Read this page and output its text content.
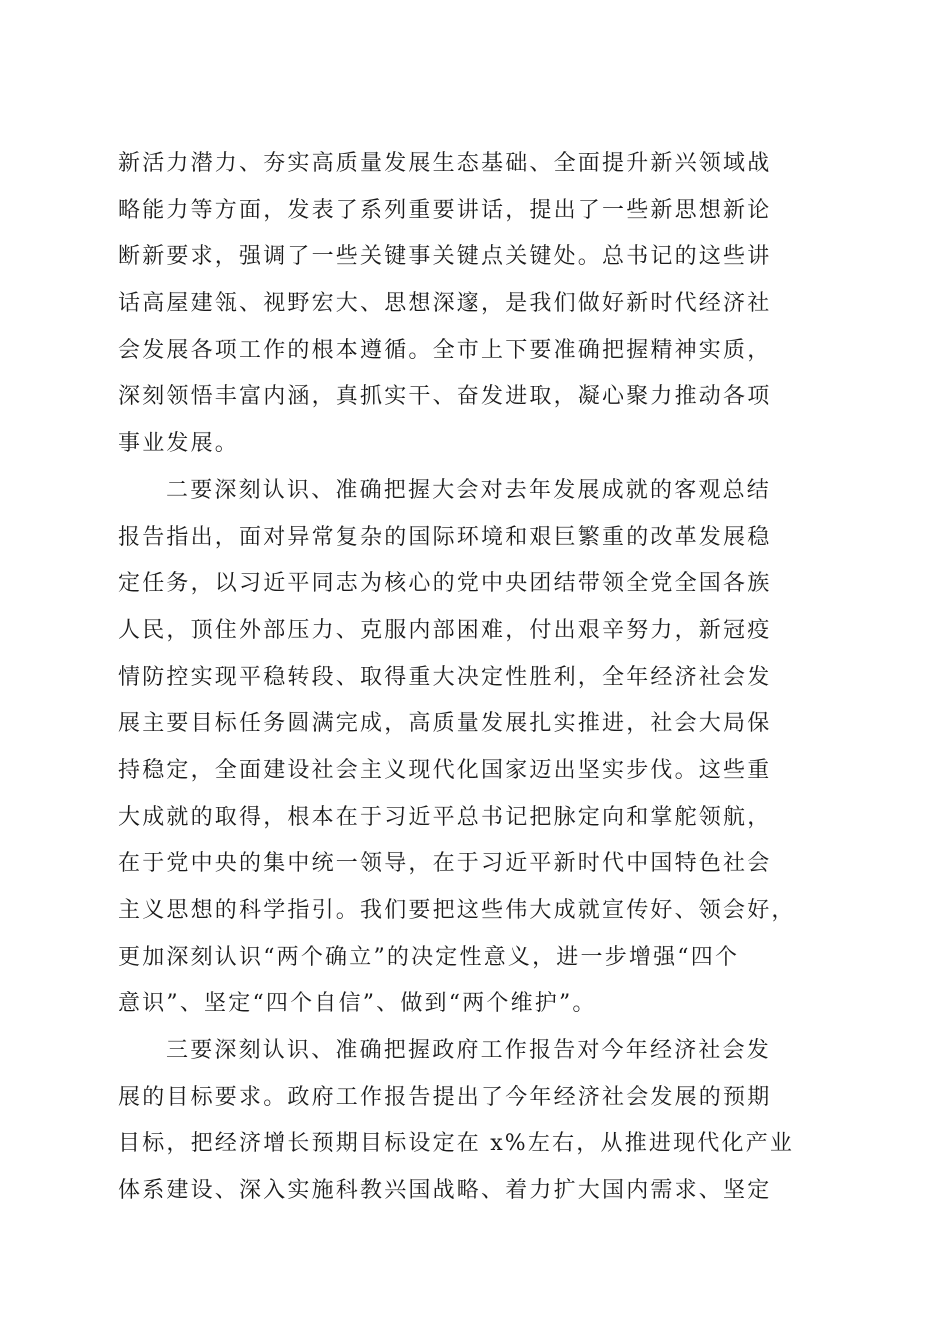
新活力潜力、夯实高质量发展生态基础、全面提升新兴领域战
略能力等方面，发表了系列重要讲话，提出了一些新思想新论
断新要求，强调了一些关键事关键点关键处。总书记的这些讲
话高屋建瓴、视野宏大、思想深邃，是我们做好新时代经济社
会发展各项工作的根本遵循。全市上下要准确把握精神实质，
深刻领悟丰富内涵，真抓实干、奋发进取，凝心聚力推动各项
事业发展。
二要深刻认识、准确把握大会对去年发展成就的客观总结
报告指出，面对异常复杂的国际环境和艰巨繁重的改革发展稳
定任务，以习近平同志为核心的党中央团结带领全党全国各族
人民，顶住外部压力、克服内部困难，付出艰辛努力，新冠疫
情防控实现平稳转段、取得重大决定性胜利，全年经济社会发
展主要目标任务圆满完成，高质量发展扎实推进，社会大局保
持稳定，全面建设社会主义现代化国家迈出坚实步伐。这些重
大成就的取得，根本在于习近平总书记把脉定向和掌舵领航，
在于党中央的集中统一领导，在于习近平新时代中国特色社会
主义思想的科学指引。我们要把这些伟大成就宣传好、领会好，
更加深刻认识“两个确立”的决定性意义，进一步增强“四个
意识”、坚定“四个自信”、做到“两个维护”。
三要深刻认识、准确把握政府工作报告对今年经济社会发
展的目标要求。政府工作报告提出了今年经济社会发展的预期
目标，把经济增长预期目标设定在 x%左右，从推进现代化产业
体系建设、深入实施科教兴国战略、着力扩大国内需求、坚定
